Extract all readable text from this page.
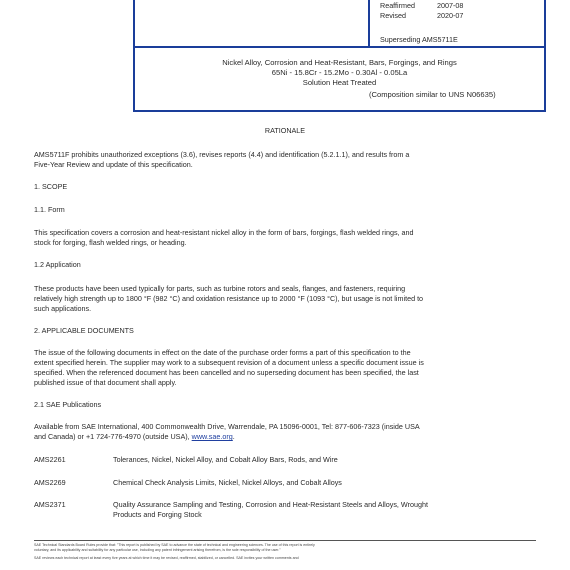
Reaffirmed	2007-08
Revised	2020-07
Superseding AMS5711E
Nickel Alloy, Corrosion and Heat-Resistant, Bars, Forgings, and Rings
65Ni - 15.8Cr - 15.2Mo - 0.30Al - 0.05La
Solution Heat Treated
(Composition similar to UNS N06635)
RATIONALE
AMS5711F prohibits unauthorized exceptions (3.6), revises reports (4.4) and identification (5.2.1.1), and results from a
Five-Year Review and update of this specification.
1. SCOPE
1.1. Form
This specification covers a corrosion and heat-resistant nickel alloy in the form of bars, forgings, flash welded rings, and
stock for forging, flash welded rings, or heading.
1.2 Application
These products have been used typically for parts, such as turbine rotors and seals, flanges, and fasteners, requiring
relatively high strength up to 1800 °F (982 °C) and oxidation resistance up to 2000 °F (1093 °C), but usage is not limited to
such applications.
2. APPLICABLE DOCUMENTS
The issue of the following documents in effect on the date of the purchase order forms a part of this specification to the
extent specified herein. The supplier may work to a subsequent revision of a document unless a specific document issue is
specified. When the referenced document has been cancelled and no superseding document has been specified, the last
published issue of that document shall apply.
2.1 SAE Publications
Available from SAE International, 400 Commonwealth Drive, Warrendale, PA 15096-0001, Tel: 877-606-7323 (inside USA
and Canada) or +1 724-776-4970 (outside USA), www.sae.org.
AMS2261	Tolerances, Nickel, Nickel Alloy, and Cobalt Alloy Bars, Rods, and Wire
AMS2269	Chemical Check Analysis Limits, Nickel, Nickel Alloys, and Cobalt Alloys
AMS2371	Quality Assurance Sampling and Testing, Corrosion and Heat-Resistant Steels and Alloys, Wrought
Products and Forging Stock
SAE Technical Standards Board Rules provide that: "This report is published by SAE to advance the state of technical and engineering sciences. The use of this report is entirely
voluntary, and its applicability and suitability for any particular use, including any patent infringement arising therefrom, is the sole responsibility of the user."
SAE reviews each technical report at least every five years at which time it may be revised, reaffirmed, stabilized, or cancelled. SAE invites your written comments and
